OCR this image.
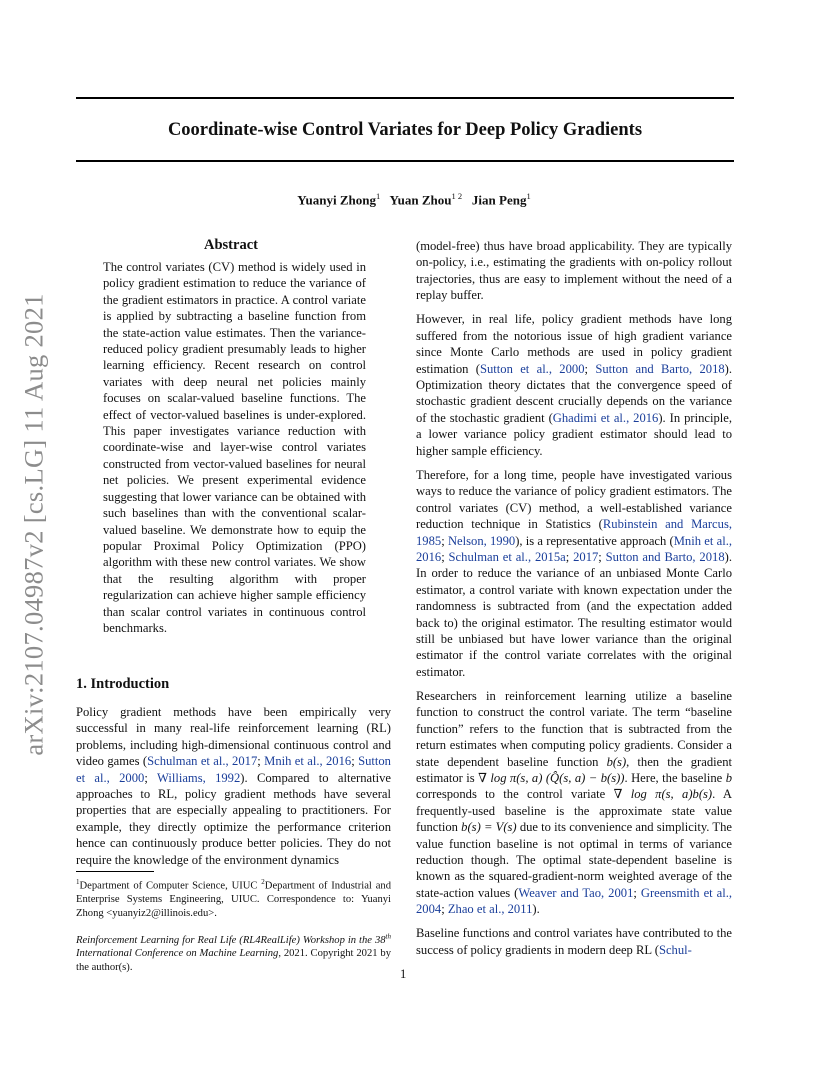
Coordinate-wise Control Variates for Deep Policy Gradients
Yuanyi Zhong$^1$ Yuan Zhou$^{1 2}$ Jian Peng$^1$
arXiv:2107.04987v2 [cs.LG] 11 Aug 2021
Abstract

The control variates (CV) method is widely used in policy gradient estimation to reduce the variance of the gradient estimators in practice. A control variate is applied by subtracting a baseline function from the state-action value estimates. Then the variance-reduced policy gradient presumably leads to higher learning efficiency. Recent research on control variates with deep neural net policies mainly focuses on scalar-valued baseline functions. The effect of vector-valued baselines is under-explored. This paper investigates variance reduction with coordinate-wise and layer-wise control variates constructed from vector-valued baselines for neural net policies. We present experimental evidence suggesting that lower variance can be obtained with such baselines than with the conventional scalar-valued baseline. We demonstrate how to equip the popular Proximal Policy Optimization (PPO) algorithm with these new control variates. We show that the resulting algorithm with proper regularization can achieve higher sample efficiency than scalar control variates in continuous control benchmarks.

1. Introduction

Policy gradient methods have been empirically very successful in many real-life reinforcement learning (RL) problems, including high-dimensional continuous control and video games (Schulman et al., 2017; Mnih et al., 2016; Sutton et al., 2000; Williams, 1992). Compared to alternative approaches to RL, policy gradient methods have several properties that are especially appealing to practitioners. For example, they directly optimize the performance criterion hence can continuously produce better policies. They do not require the knowledge of the environment dynamics

$^1$Department of Computer Science, UIUC $^2$Department of Industrial and Enterprise Systems Engineering, UIUC. Correspondence to: Yuanyi Zhong <yuanyiz2@illinois.edu>.
Reinforcement Learning for Real Life (RL4RealLife) Workshop in the 38th International Conference on Machine Learning, 2021. Copyright 2021 by the author(s).	1

(model-free) thus have broad applicability. They are typically on-policy, i.e., estimating the gradients with on-policy rollout trajectories, thus are easy to implement without the need of a replay buffer.

However, in real life, policy gradient methods have long suffered from the notorious issue of high gradient variance since Monte Carlo methods are used in policy gradient estimation (Sutton et al., 2000; Sutton and Barto, 2018). Optimization theory dictates that the convergence speed of stochastic gradient descent crucially depends on the variance of the stochastic gradient (Ghadimi et al., 2016). In principle, a lower variance policy gradient estimator should lead to higher sample efficiency.

Therefore, for a long time, people have investigated various ways to reduce the variance of policy gradient estimators. The control variates (CV) method, a well-established variance reduction technique in Statistics (Rubinstein and Marcus, 1985; Nelson, 1990), is a representative approach (Mnih et al., 2016; Schulman et al., 2015a; 2017; Sutton and Barto, 2018). In order to reduce the variance of an unbiased Monte Carlo estimator, a control variate with known expectation under the randomness is subtracted from (and the expectation added back to) the original estimator. The resulting estimator would still be unbiased but have lower variance than the original estimator if the control variate correlates with the original estimator.

Researchers in reinforcement learning utilize a baseline function to construct the control variate. The term “baseline function” refers to the function that is subtracted from the return estimates when computing policy gradients. Consider a state dependent baseline function b(s), then the gradient estimator is ∇ log π(s, a) (Q̂(s, a) − b(s)). Here, the baseline b corresponds to the control variate ∇ log π(s, a)b(s). A frequently-used baseline is the approximate state value function b(s) = V(s) due to its convenience and simplicity. The value function baseline is not optimal in terms of variance reduction though. The optimal state-dependent baseline is known as the squared-gradient-norm weighted average of the state-action values (Weaver and Tao, 2001; Greensmith et al., 2004; Zhao et al., 2011).

Baseline functions and control variates have contributed to the success of policy gradients in modern deep RL (Schul-
